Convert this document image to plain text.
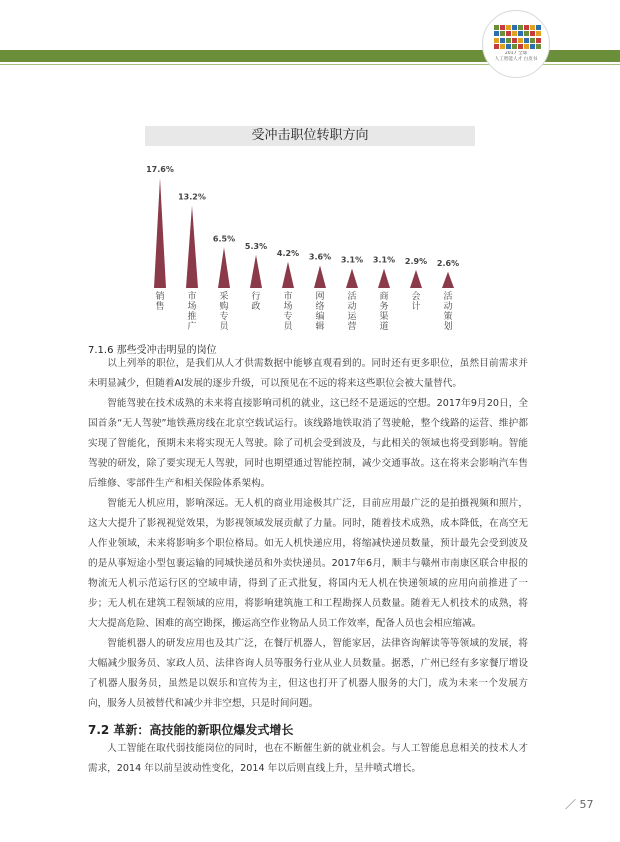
2017 全球
人工智能人才 白皮书
受冲击职位转职方向
17.6%
销售
13.2%
市场推广
6.5%
采购专员
5.3%
行政
4.2%
市场专员
3.6%
网络编辑
3.1%
活动运营
3.1%
商务渠道
2.9%
会计
2.6%
活动策划
7.1.6 那些受冲击明显的岗位

以上列举的职位，是我们从人才供需数据中能够直观看到的。同时还有更多职位，虽然目前需求并未明显减少，但随着AI发展的逐步升级，可以预见在不远的将来这些职位会被大量替代。

智能驾驶在技术成熟的未来将直接影响司机的就业，这已经不是遥远的空想。2017年9月20日，全国首条“无人驾驶”地铁燕房线在北京空载试运行。该线路地铁取消了驾驶舱，整个线路的运营、维护都实现了智能化，预期未来将实现无人驾驶。除了司机会受到波及，与此相关的领域也将受到影响。智能驾驶的研发，除了要实现无人驾驶，同时也期望通过智能控制，减少交通事故。这在将来会影响汽车售后维修、零部件生产和相关保险体系架构。

智能无人机应用，影响深远。无人机的商业用途极其广泛，目前应用最广泛的是拍摄视频和照片，这大大提升了影视视觉效果，为影视领域发展贡献了力量。同时，随着技术成熟，成本降低，在高空无人作业领域，未来将影响多个职位格局。如无人机快递应用，将缩减快递员数量，预计最先会受到波及的是从事短途小型包裹运输的同城快递员和外卖快递员。2017年6月，顺丰与赣州市南康区联合申报的物流无人机示范运行区的空域申请，得到了正式批复，将国内无人机在快递领域的应用向前推进了一步；无人机在建筑工程领域的应用，将影响建筑施工和工程勘探人员数量。随着无人机技术的成熟，将大大提高危险、困难的高空勘探，搬运高空作业物品人员工作效率，配备人员也会相应缩减。

智能机器人的研发应用也及其广泛，在餐厅机器人，智能家居，法律咨询解读等等领域的发展，将大幅减少服务员、家政人员、法律咨询人员等服务行业从业人员数量。据悉，广州已经有多家餐厅增设了机器人服务员，虽然是以娱乐和宣传为主，但这也打开了机器人服务的大门，成为未来一个发展方向，服务人员被替代和减少并非空想，只是时间问题。

7.2 革新：高技能的新职位爆发式增长

人工智能在取代弱技能岗位的同时，也在不断催生新的就业机会。与人工智能息息相关的技术人才需求，2014 年以前呈波动性变化，2014 年以后则直线上升，呈井喷式增长。

／ 57
